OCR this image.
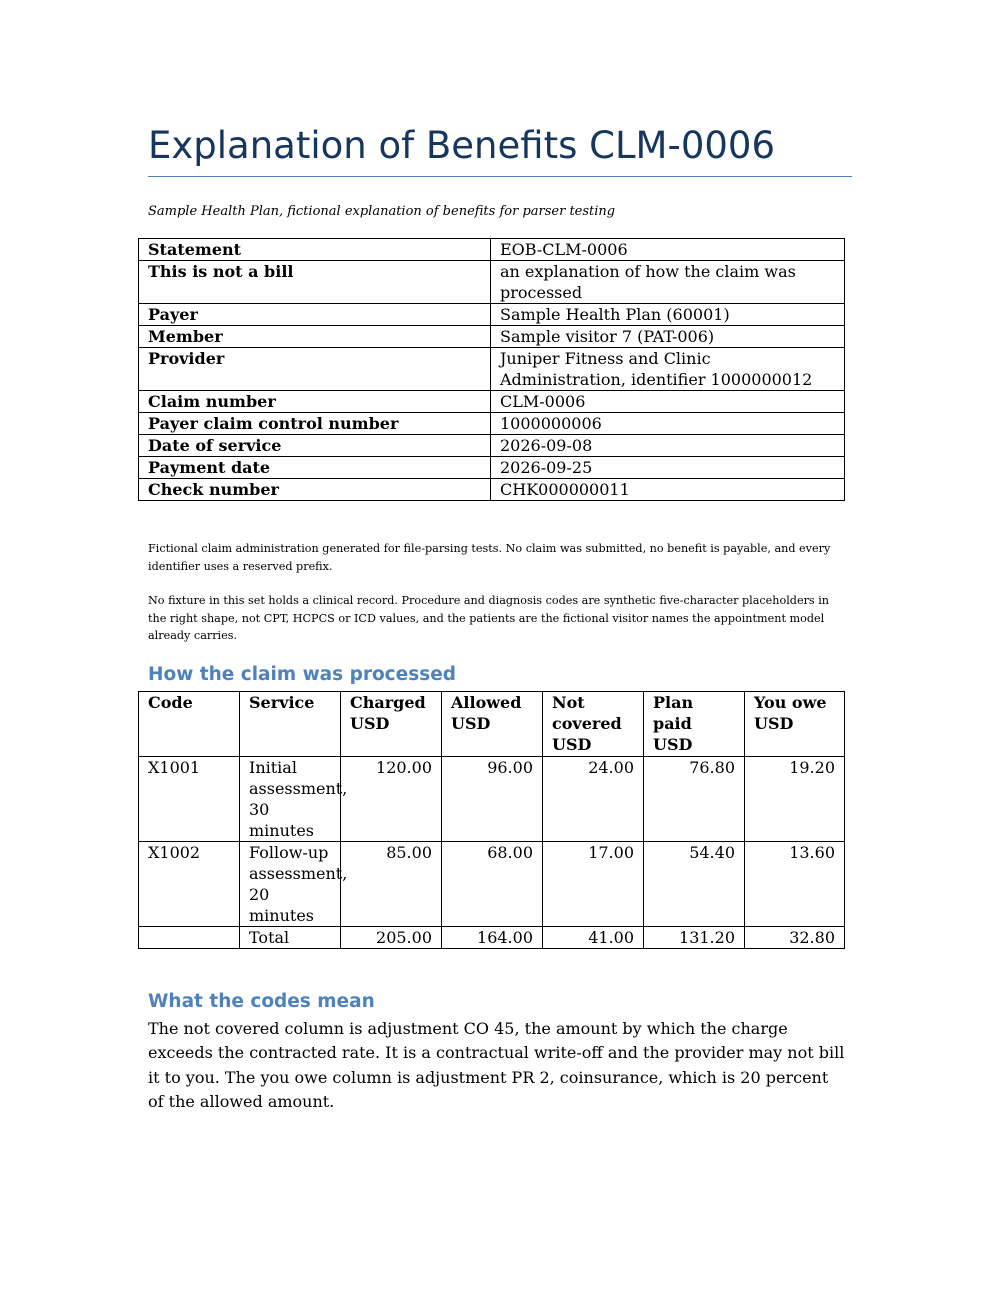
Explanation of Benefits CLM-0006

Sample Health Plan, fictional explanation of benefits for parser testing

Statement	EOB-CLM-0006
This is not a bill	an explanation of how the claim was processed
Payer	Sample Health Plan (60001)
Member	Sample visitor 7 (PAT-006)
Provider	Juniper Fitness and Clinic Administration, identifier 1000000012
Claim number	CLM-0006
Payer claim control number	1000000006
Date of service	2026-09-08
Payment date	2026-09-25
Check number	CHK000000011

Fictional claim administration generated for file-parsing tests. No claim was submitted, no benefit is payable, and every identifier uses a reserved prefix.

No fixture in this set holds a clinical record. Procedure and diagnosis codes are synthetic five-character placeholders in the right shape, not CPT, HCPCS or ICD values, and the patients are the fictional visitor names the appointment model already carries.

How the claim was processed
Code	Service	Charged USD	Allowed USD	Not covered USD	Plan paid USD	You owe USD
X1001	Initial assessment, 30 minutes	120.00	96.00	24.00	76.80	19.20
X1002	Follow-up assessment, 20 minutes	85.00	68.00	17.00	54.40	13.60
	Total	205.00	164.00	41.00	131.20	32.80
What the codes mean

The not covered column is adjustment CO 45, the amount by which the charge exceeds the contracted rate. It is a contractual write-off and the provider may not bill it to you. The you owe column is adjustment PR 2, coinsurance, which is 20 percent of the allowed amount.
